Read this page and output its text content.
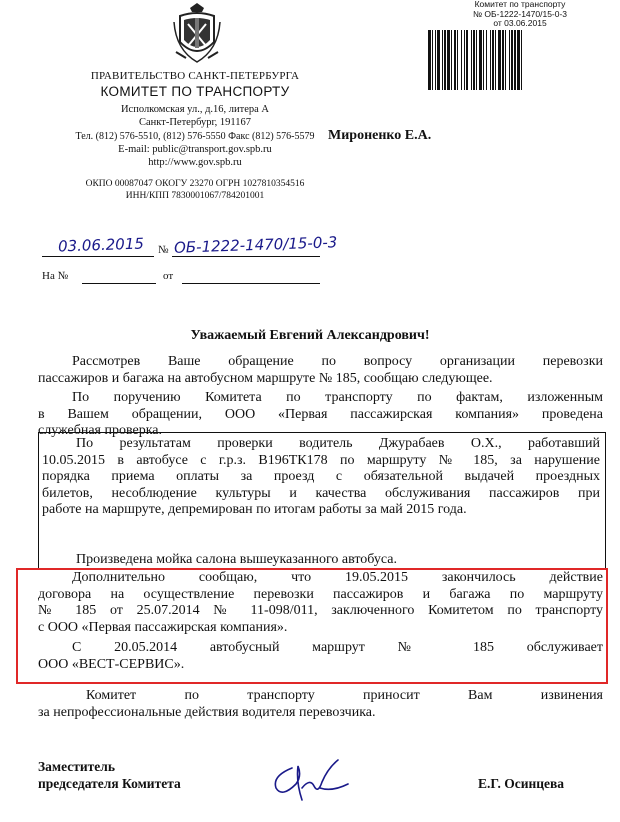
ПРАВИТЕЛЬСТВО САНКТ-ПЕТЕРБУРГА
КОМИТЕТ ПО ТРАНСПОРТУ
Исполкомская ул., д.16, литера А
Санкт-Петербург, 191167
Тел. (812) 576-5510, (812) 576-5550 Факс (812) 576-5579
E-mail: public@transport.gov.spb.ru
http://www.gov.spb.ru
ОКПО 00087047 ОКОГУ 23270 ОГРН 1027810354516
ИНН/КПП 7830001067/784201001
Комитет по транспорту
№ ОБ-1222-1470/15-0-3
от 03.06.2015
03.06.2015 № ОБ-1222-1470/15-0-3
На №	от
Мироненко Е.А.
Уважаемый Евгений Александрович!
Рассмотрев Ваше обращение по вопросу организации перевозки
пассажиров и багажа на автобусном маршруте № 185, сообщаю следующее.
По поручению Комитета по транспорту по фактам, изложенным
в Вашем обращении, ООО «Первая пассажирская компания» проведена
служебная проверка.
По результатам проверки водитель Джурабаев О.Х., работавший
10.05.2015 в автобусе с г.р.з. В196ТК178 по маршруту № 185, за нарушение
порядка приема оплаты за проезд с обязательной выдачей проездных
билетов, несоблюдение культуры и качества обслуживания пассажиров при
работе на маршруте, депремирован по итогам работы за май 2015 года.
Произведена мойка салона вышеуказанного автобуса.
Дополнительно сообщаю, что 19.05.2015 закончилось действие
договора на осуществление перевозки пассажиров и багажа по маршруту
№ 185 от 25.07.2014 № 11-098/011, заключенного Комитетом по транспорту
с ООО «Первая пассажирская компания».
С 20.05.2014 автобусный маршрут № 185 обслуживает
ООО «ВЕСТ-СЕРВИС».
Комитет по транспорту приносит Вам извинения
за непрофессиональные действия водителя перевозчика.
Заместитель
председателя Комитета	Е.Г. Осинцева
